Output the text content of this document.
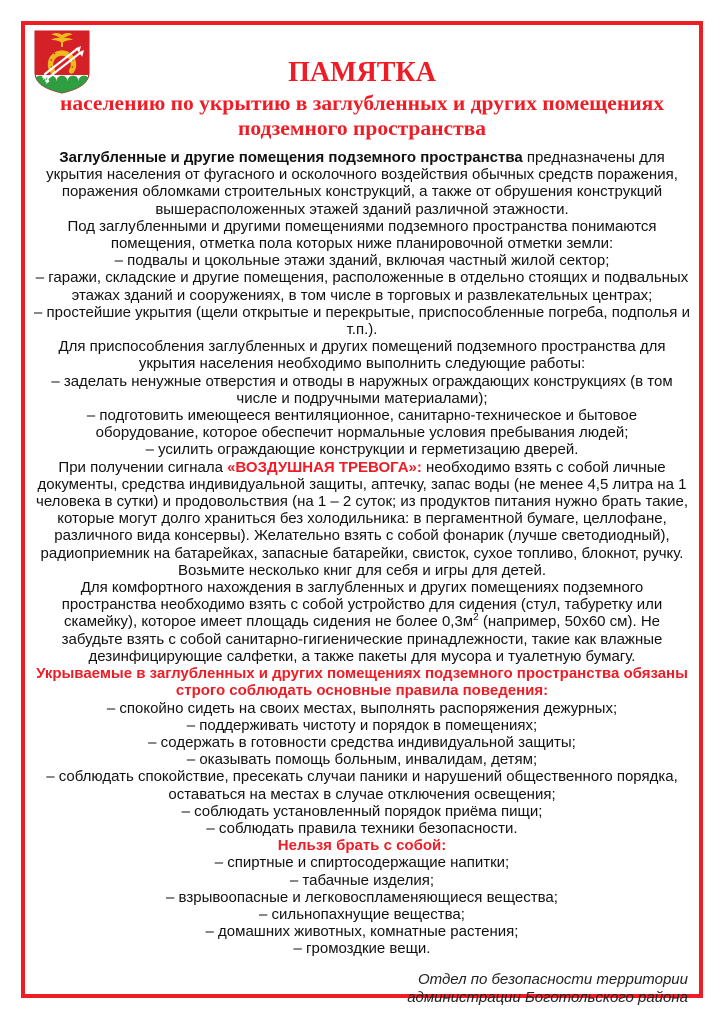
ПАМЯТКА
населению по укрытию в заглубленных и других помещениях подземного пространства

Заглубленные и другие помещения подземного пространства предназначены для укрытия населения от фугасного и осколочного воздействия обычных средств поражения, поражения обломками строительных конструкций, а также от обрушения конструкций вышерасположенных этажей зданий различной этажности.

Под заглубленными и другими помещениями подземного пространства понимаются помещения, отметка пола которых ниже планировочной отметки земли:

– подвалы и цокольные этажи зданий, включая частный жилой сектор;

– гаражи, складские и другие помещения, расположенные в отдельно стоящих и подвальных этажах зданий и сооружениях, в том числе в торговых и развлекательных центрах;

– простейшие укрытия (щели открытые и перекрытые, приспособленные погреба, подполья и т.п.).

Для приспособления заглубленных и других помещений подземного пространства для укрытия населения необходимо выполнить следующие работы:

– заделать ненужные отверстия и отводы в наружных ограждающих конструкциях (в том числе и подручными материалами);

– подготовить имеющееся вентиляционное, санитарно-техническое и бытовое оборудование, которое обеспечит нормальные условия пребывания людей;

– усилить ограждающие конструкции и герметизацию дверей.

При получении сигнала «ВОЗДУШНАЯ ТРЕВОГА»: необходимо взять с собой личные документы, средства индивидуальной защиты, аптечку, запас воды (не менее 4,5 литра на 1 человека в сутки) и продовольствия (на 1 – 2 суток; из продуктов питания нужно брать такие, которые могут долго храниться без холодильника: в пергаментной бумаге, целлофане, различного вида консервы). Желательно взять с собой фонарик (лучше светодиодный), радиоприемник на батарейках, запасные батарейки, свисток, сухое топливо, блокнот, ручку.

Возьмите несколько книг для себя и игры для детей.

Для комфортного нахождения в заглубленных и других помещениях подземного пространства необходимо взять с собой устройство для сидения (стул, табуретку или скамейку), которое имеет площадь сидения не более $0,3м^2$ (например, 50х60 см). Не забудьте взять с собой санитарно-гигиенические принадлежности, такие как влажные дезинфицирующие салфетки, а также пакеты для мусора и туалетную бумагу.

Укрываемые в заглубленных и других помещениях подземного пространства обязаны строго соблюдать основные правила поведения:

– спокойно сидеть на своих местах, выполнять распоряжения дежурных;

– поддерживать чистоту и порядок в помещениях;

– содержать в готовности средства индивидуальной защиты;

– оказывать помощь больным, инвалидам, детям;

– соблюдать спокойствие, пресекать случаи паники и нарушений общественного порядка, оставаться на местах в случае отключения освещения;

– соблюдать установленный порядок приёма пищи;

– соблюдать правила техники безопасности.

Нельзя брать с собой:

– спиртные и спиртосодержащие напитки;

– табачные изделия;

– взрывоопасные и легковоспламеняющиеся вещества;

– сильнопахнущие вещества;

– домашних животных, комнатные растения;

– громоздкие вещи.

Отдел по безопасности территории
администрации Боготольского района
